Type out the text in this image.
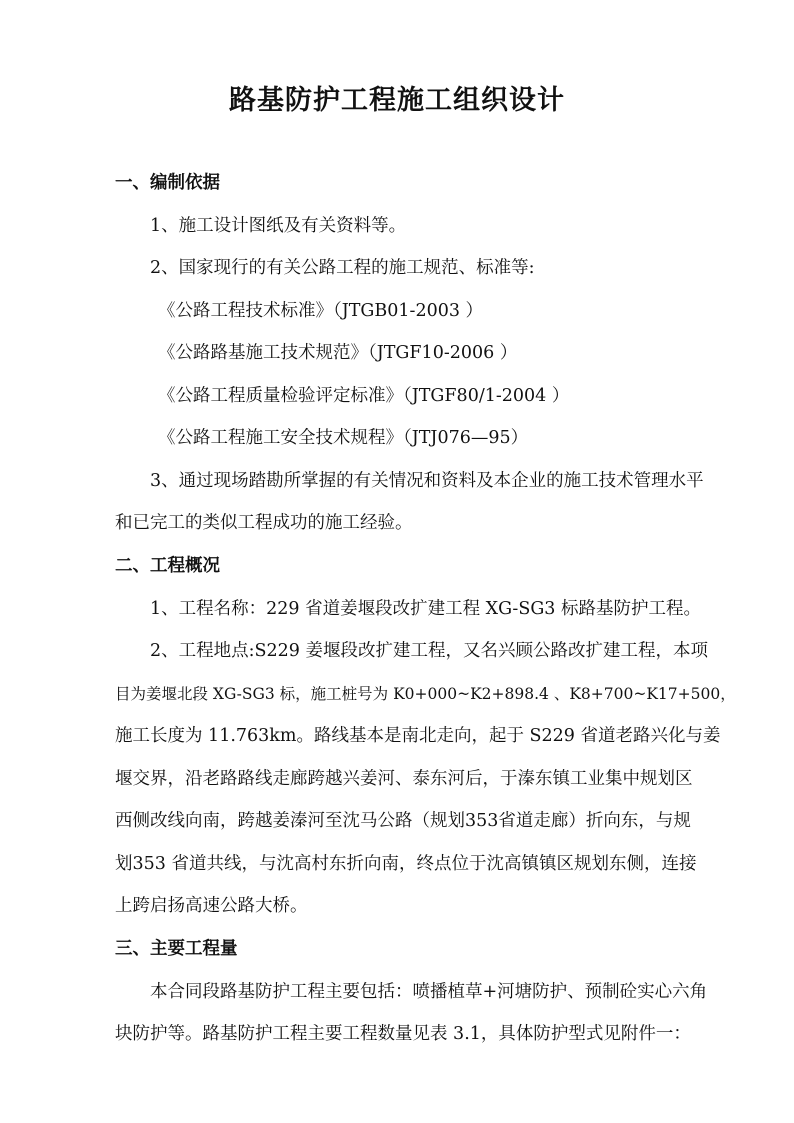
路基防护工程施工组织设计
一、编制依据
1、施工设计图纸及有关资料等。
2、国家现行的有关公路工程的施工规范、标准等:
《公路工程技术标准》（JTGB01-2003 ）
《公路路基施工技术规范》（JTGF10-2006 ）
《公路工程质量检验评定标准》（JTGF80/1-2004 ）
《公路工程施工安全技术规程》（JTJ076—95）
3、通过现场踏勘所掌握的有关情况和资料及本企业的施工技术管理水平
和已完工的类似工程成功的施工经验。
二、工程概况
1、工程名称：229 省道姜堰段改扩建工程 XG-SG3 标路基防护工程。
2、工程地点:S229 姜堰段改扩建工程，又名兴顾公路改扩建工程，本项
目为姜堰北段 XG-SG3 标，施工桩号为 K0+000~K2+898.4 、K8+700~K17+500，
施工长度为 11.763km。路线基本是南北走向，起于 S229 省道老路兴化与姜
堰交界，沿老路路线走廊跨越兴姜河、泰东河后，于溱东镇工业集中规划区
西侧改线向南，跨越姜溱河至沈马公路（规划353省道走廊）折向东，与规
划353 省道共线，与沈高村东折向南，终点位于沈高镇镇区规划东侧，连接
上跨启扬高速公路大桥。
三、主要工程量
本合同段路基防护工程主要包括：喷播植草+河塘防护、预制砼实心六角
块防护等。路基防护工程主要工程数量见表 3.1，具体防护型式见附件一：
